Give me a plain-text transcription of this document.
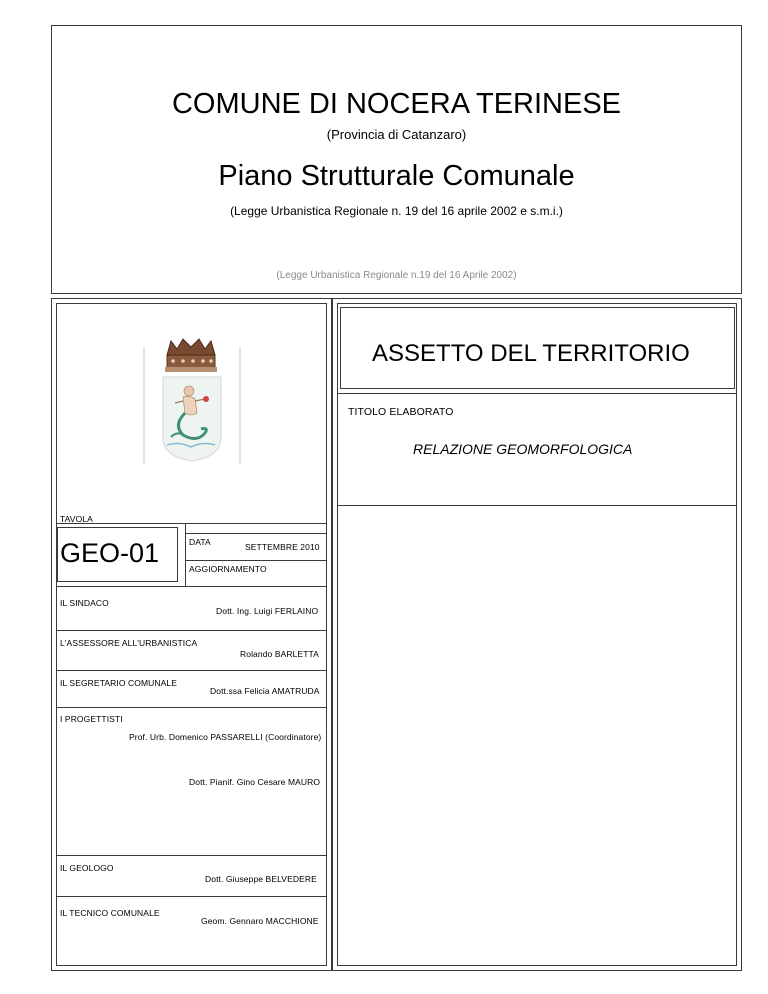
COMUNE DI NOCERA TERINESE
(Provincia di Catanzaro)
Piano Strutturale Comunale
(Legge Urbanistica Regionale n. 19 del 16 aprile 2002 e s.m.i.)
(Legge Urbanistica Regionale n.19 del 16 Aprile 2002)
ASSETTO DEL TERRITORIO
TITOLO ELABORATO
RELAZIONE GEOMORFOLOGICA
TAVOLA
GEO-01	DATA	SETTEMBRE 2010
AGGIORNAMENTO
IL SINDACO
Dott. Ing. Luigi FERLAINO
L'ASSESSORE ALL'URBANISTICA
Rolando BARLETTA
IL SEGRETARIO COMUNALE
Dott.ssa Felicia AMATRUDA
I PROGETTISTI
Prof. Urb. Domenico PASSARELLI (Coordinatore)
Dott. Pianif. Gino Cesare MAURO
IL GEOLOGO
Dott. Giuseppe BELVEDERE
IL TECNICO COMUNALE
Geom. Gennaro MACCHIONE
